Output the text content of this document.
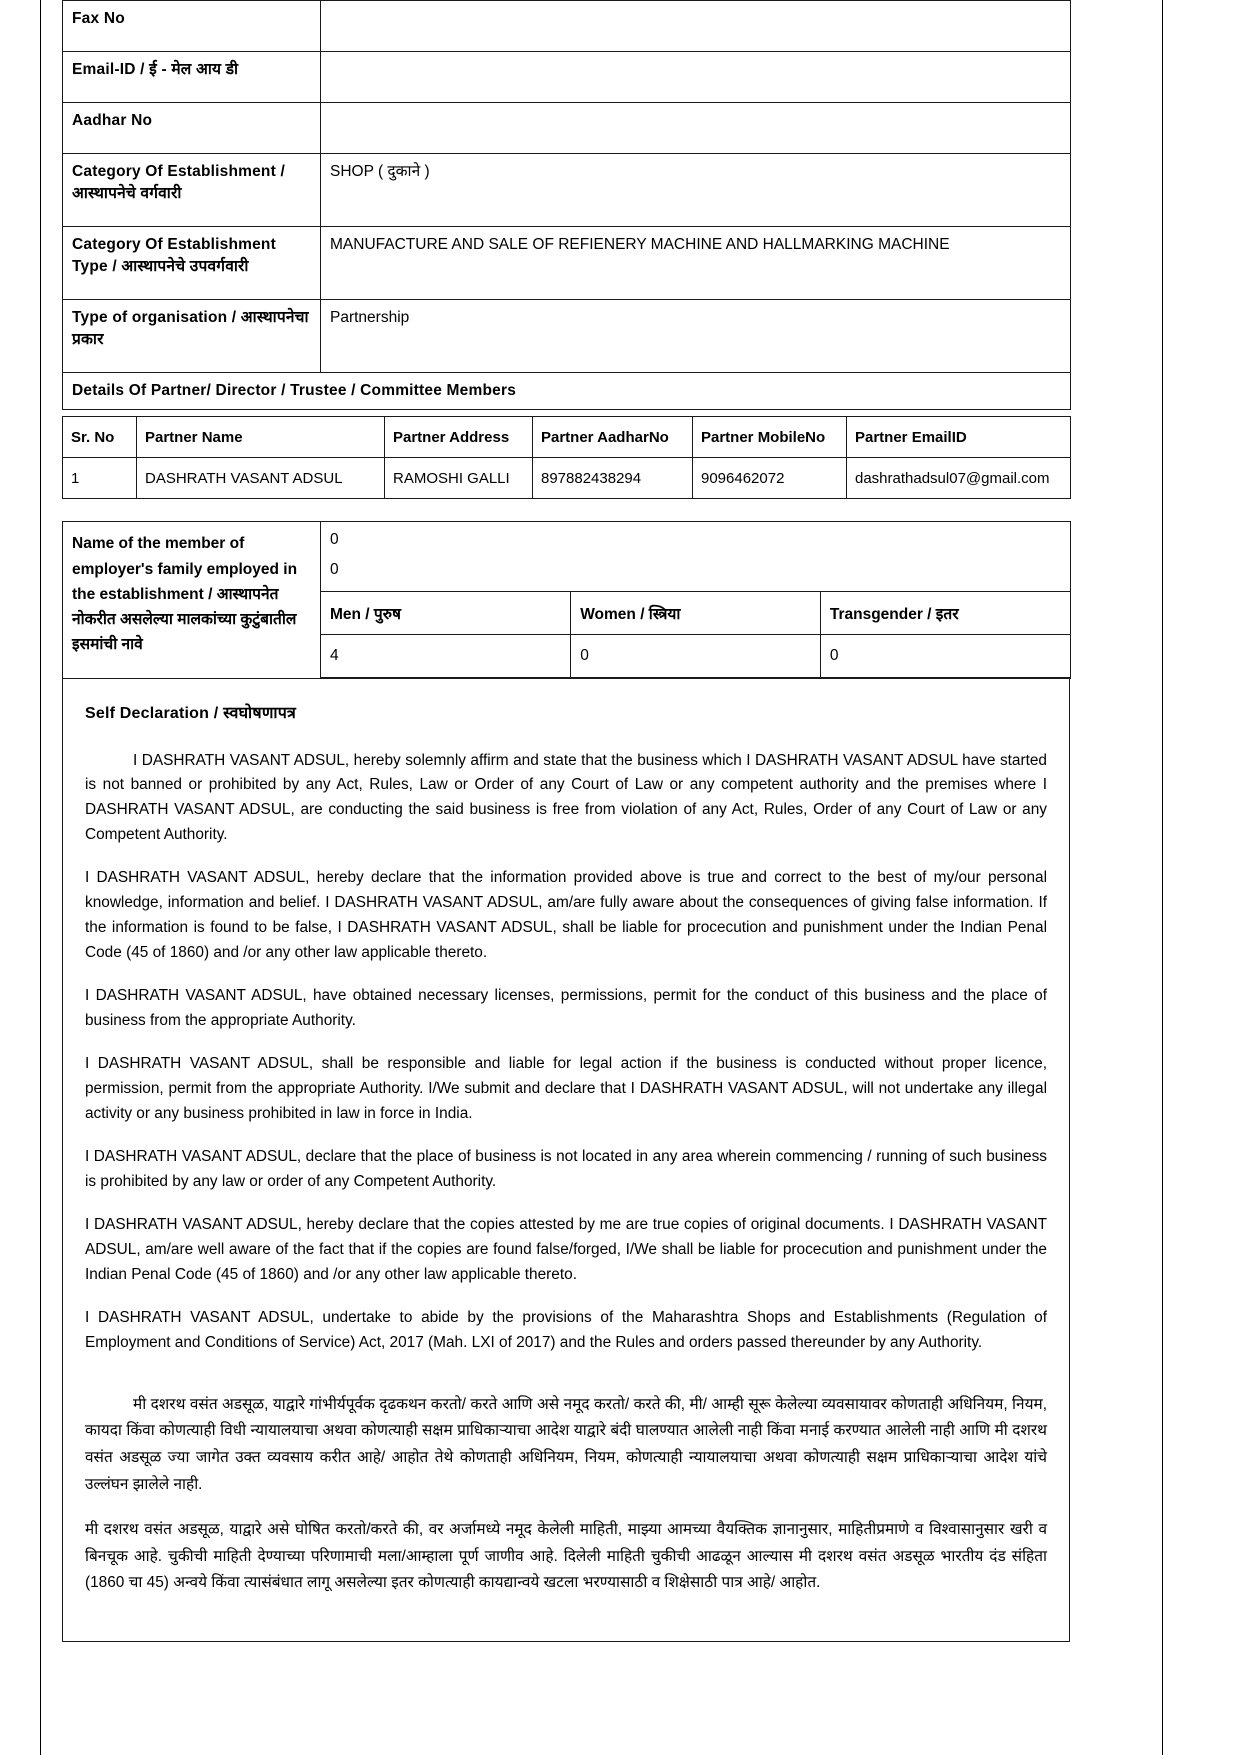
Fax No	
Email-ID / ई - मेल आय डी	
Aadhar No	
Category Of Establishment / आस्थापनेचे वर्गवारी	SHOP ( दुकाने )
Category Of Establishment Type / आस्थापनेचे उपवर्गवारी	MANUFACTURE AND SALE OF REFIENERY MACHINE AND HALLMARKING MACHINE
Type of organisation / आस्थापनेचा प्रकार	Partnership
Details Of Partner/ Director / Trustee / Committee Members
Sr. No	Partner Name	Partner Address	Partner AadharNo	Partner MobileNo	Partner EmailID
1	DASHRATH VASANT ADSUL	RAMOSHI GALLI	897882438294	9096462072	dashrathadsul07@gmail.com
Name of the member of employer's family employed in the establishment / आस्थापनेत नोकरीत असलेल्या मालकांच्या कुटुंबातील इसमांची नावे

0
0
Men / पुरुष	Women / स्त्रिया	Transgender / इतर
4	0	0
Self Declaration / स्वघोषणापत्र

I DASHRATH VASANT ADSUL, hereby solemnly affirm and state that the business which I DASHRATH VASANT ADSUL have started is not banned or prohibited by any Act, Rules, Law or Order of any Court of Law or any competent authority and the premises where I DASHRATH VASANT ADSUL, are conducting the said business is free from violation of any Act, Rules, Order of any Court of Law or any Competent Authority.

I DASHRATH VASANT ADSUL, hereby declare that the information provided above is true and correct to the best of my/our personal knowledge, information and belief. I DASHRATH VASANT ADSUL, am/are fully aware about the consequences of giving false information. If the information is found to be false, I DASHRATH VASANT ADSUL, shall be liable for procecution and punishment under the Indian Penal Code (45 of 1860) and /or any other law applicable thereto.

I DASHRATH VASANT ADSUL, have obtained necessary licenses, permissions, permit for the conduct of this business and the place of business from the appropriate Authority.

I DASHRATH VASANT ADSUL, shall be responsible and liable for legal action if the business is conducted without proper licence, permission, permit from the appropriate Authority. I/We submit and declare that I DASHRATH VASANT ADSUL, will not undertake any illegal activity or any business prohibited in law in force in India.

I DASHRATH VASANT ADSUL, declare that the place of business is not located in any area wherein commencing / running of such business is prohibited by any law or order of any Competent Authority.

I DASHRATH VASANT ADSUL, hereby declare that the copies attested by me are true copies of original documents. I DASHRATH VASANT ADSUL, am/are well aware of the fact that if the copies are found false/forged, I/We shall be liable for procecution and punishment under the Indian Penal Code (45 of 1860) and /or any other law applicable thereto.

I DASHRATH VASANT ADSUL, undertake to abide by the provisions of the Maharashtra Shops and Establishments (Regulation of Employment and Conditions of Service) Act, 2017 (Mah. LXI of 2017) and the Rules and orders passed thereunder by any Authority.

मी दशरथ वसंत अडसूळ, याद्वारे गांभीर्यपूर्वक दृढकथन करतो/ करते आणि असे नमूद करतो/ करते की, मी/ आम्ही सूरू केलेल्या व्यवसायावर कोणताही अधिनियम, नियम, कायदा किंवा कोणत्याही विधी न्यायालयाचा अथवा कोणत्याही सक्षम प्राधिकाऱ्याचा आदेश याद्वारे बंदी घालण्यात आलेली नाही किंवा मनाई करण्यात आलेली नाही आणि मी दशरथ वसंत अडसूळ ज्या जागेत उक्त व्यवसाय करीत आहे/ आहोत तेथे कोणताही अधिनियम, नियम, कोणत्याही न्यायालयाचा अथवा कोणत्याही सक्षम प्राधिकाऱ्याचा आदेश यांचे उल्लंघन झालेले नाही.

मी दशरथ वसंत अडसूळ, याद्वारे असे घोषित करतो/करते की, वर अर्जामध्ये नमूद केलेली माहिती, माझ्या आमच्या वैयक्तिक ज्ञानानुसार, माहितीप्रमाणे व विश्वासानुसार खरी व बिनचूक आहे. चुकीची माहिती देण्याच्या परिणामाची मला/आम्हाला पूर्ण जाणीव आहे. दिलेली माहिती चुकीची आढळून आल्यास मी दशरथ वसंत अडसूळ भारतीय दंड संहिता (1860 चा 45) अन्वये किंवा त्यासंबंधात लागू असलेल्या इतर कोणत्याही कायद्यान्वये खटला भरण्यासाठी व शिक्षेसाठी पात्र आहे/ आहोत.
